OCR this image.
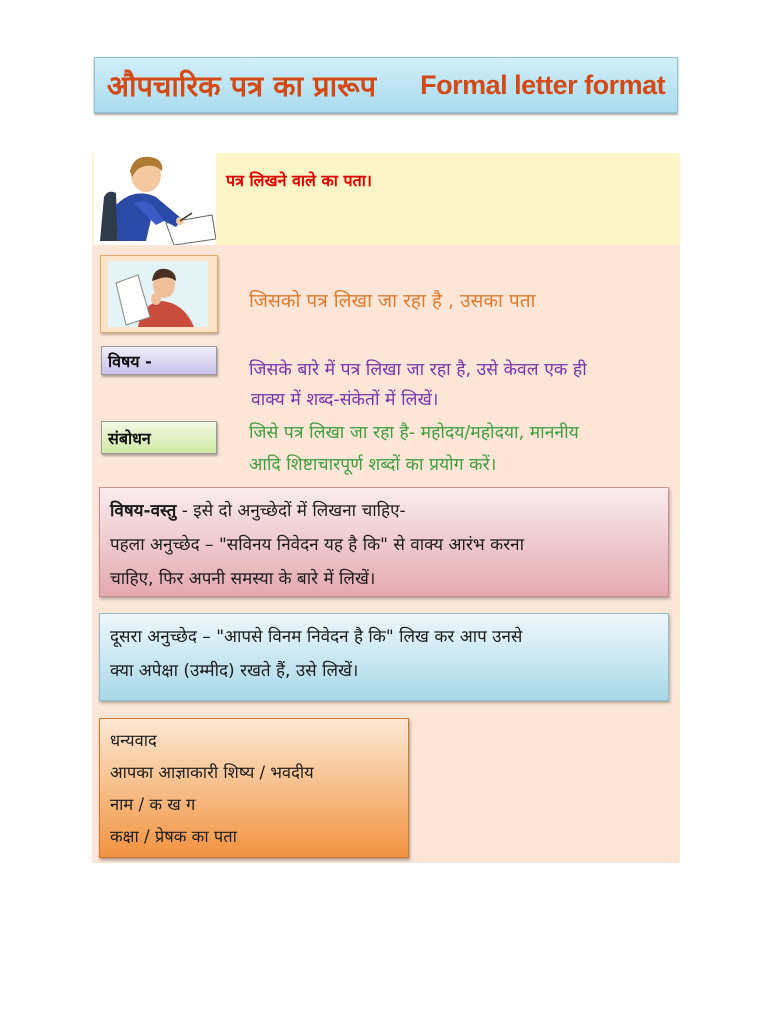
औपचारिक पत्र का प्रारूप Formal letter format
पत्र लिखने वाले का पता।
जिसको पत्र लिखा जा रहा है , उसका पता
विषय -	जिसके बारे में पत्र लिखा जा रहा है, उसे केवल एक ही
वाक्य में शब्द-संकेतों में लिखें।
संबोधन	जिसे पत्र लिखा जा रहा है- महोदय/महोदया, माननीय
आदि शिष्टाचारपूर्ण शब्दों का प्रयोग करें।
विषय-वस्तु - इसे दो अनुच्छेदों में लिखना चाहिए-
पहला अनुच्छेद – "सविनय निवेदन यह है कि" से वाक्य आरंभ करना
चाहिए, फिर अपनी समस्या के बारे में लिखें।
दूसरा अनुच्छेद – "आपसे विनम निवेदन है कि" लिख कर आप उनसे
क्या अपेक्षा (उम्मीद) रखते हैं, उसे लिखें।
धन्यवाद
आपका आज्ञाकारी शिष्य / भवदीय
नाम / क ख ग
कक्षा / प्रेषक का पता
